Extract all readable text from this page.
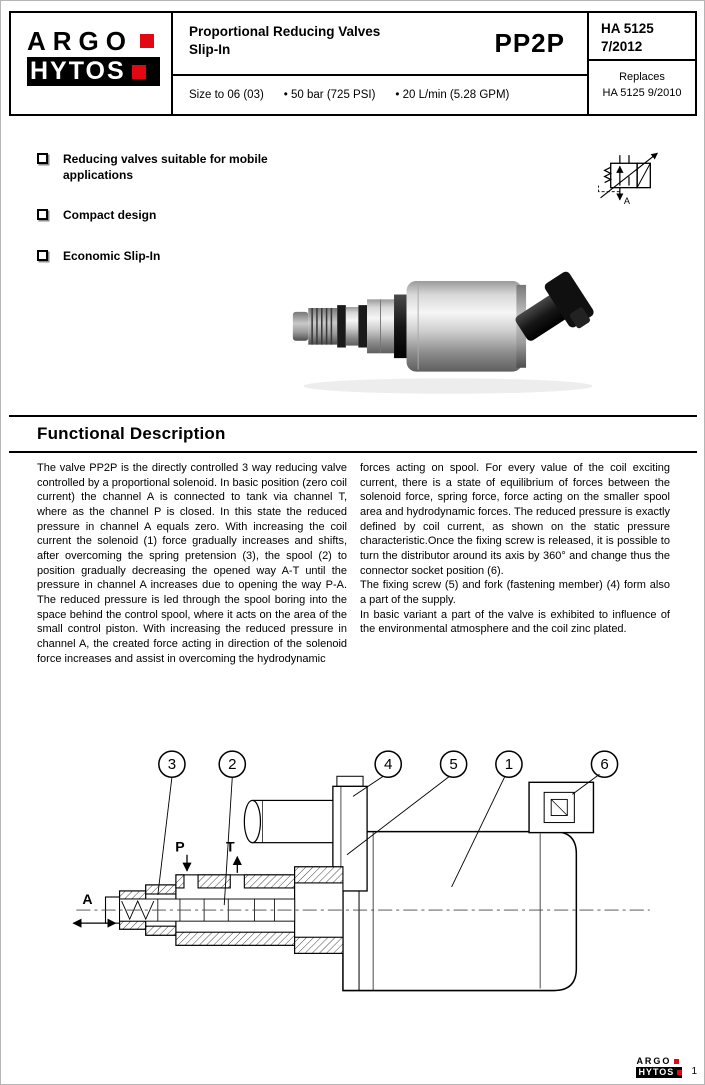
ARGO
HYTOS
Proportional Reducing Valves
Slip-In	PP2P
Size to 06 (03) • 50 bar (725 PSI) • 20 L/min (5.28 GPM)
HA 5125
7/2012
Replaces
HA 5125 9/2010
Reducing valves suitable for mobile applications
Compact design
Economic Slip-In
A
Functional Description

The valve PP2P is the directly controlled 3 way reducing valve controlled by a proportional solenoid. In basic position (zero coil current) the channel A is connected to tank via channel T, where as the channel P is closed. In this state the reduced pressure in channel A equals zero. With increasing the coil current the solenoid (1) force gradually increases and shifts, after overcoming the spring pretension (3), the spool (2) to position gradually decreasing the opened way A-T until the pressure in channel A increases due to opening the way P-A. The reduced pressure is led through the spool boring into the space behind the control spool, where it acts on the area of the small control piston. With increasing the reduced pressure in channel A, the created force acting in direction of the solenoid force increases and assist in overcoming the hydrodynamic

forces acting on spool. For every value of the coil exciting current, there is a state of equilibrium of forces between the solenoid force, spring force, force acting on the smaller spool area and hydrodynamic forces. The reduced pressure is exactly defined by coil current, as shown on the static pressure characteristic.Once the fixing screw is released, it is possible to turn the distributor around its axis by 360° and change thus the connector socket position (6).

The fixing screw (5) and fork (fastening member) (4) form also a part of the supply.

In basic variant a part of the valve is exhibited to influence of the environmental atmosphere and the coil zinc plated.

P	T
A
3	2	4	5	1	6
ARGO
HYTOS 1
